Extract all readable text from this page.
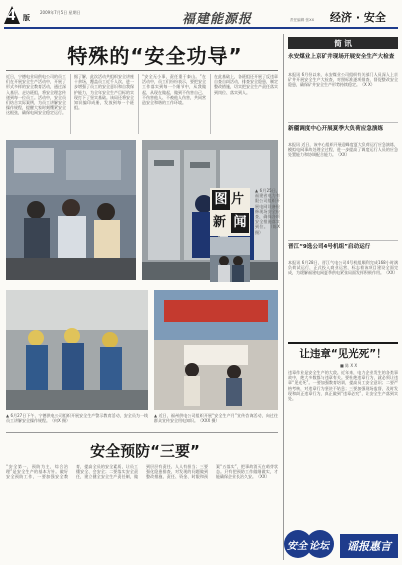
4 版
2009年7月5日 星期日	福建能源报	责任编辑 张XX 经济 · 安全
特殊的“安全功导”
近日，宁德电业局供电公司的员工们在开展安全生产活动中，开展了形式多样的安全教育活动，通过深入基层、走访班组，将安全理念传递到每一位员工。活动中，安全员们结合实际案例，为员工讲解安全操作规程，提醒大家时刻绷紧安全这根弦，确保电网安全稳定运行。
据了解，此次活动共组织安全讲座十余场，覆盖员工近千人次，进一步增强了员工的安全意识和自我保护能力，为全年安全生产目标的实现打下了坚实基础。该局还将安全知识编印成册，发放到每一个班组。
“安全无小事，责任重于泰山。”在活动中，员工们纷纷表示，要把安全工作落实到每一个细节中，从我做起，从现在做起，做到不伤害自己、不伤害他人、不被他人伤害，共同营造安全和谐的工作环境。
在此基础上，各班组还开展了反违章自查自纠活动，排查安全隐患，制定整改措施，切实把安全生产责任落实到岗位、落实到人。
图 片
新 闻
▲ 6月25日，福建省电力有限公司组织开展电网设备检修现场安全检查，确保各项安全措施落实到位。（陈X 摄）
▲ 6月27日下午，宁德供电公司组织开展安全生产警示教育活动，安全员为一线员工讲解安全操作规程。（何X 摄）
▲ 近日，福州供电公司组织开展“安全生产月”宣传咨询活动，向过往群众宣传安全用电知识。（XXX 摄）
安全预防“三要”
“安全第一，预防为主，综合治理”是安全生产的基本方针。做好安全预防工作，一要加强安全教育，提高全员的安全素质，让员工懂安全、会安全；二要落实安全责任，建立健全安全生产责任制，做到层层有责任、人人有担当；三要强化隐患排查，对发现的问题做到整改措施、责任、资金、时限和预案“五落实”，把事故消灭在萌芽状态。只有把预防工作做细做实，才能确保企业长治久安。（XX）
简 讯
永安煤业上京矿井现场开展安全生产大检查
本报讯 6月份以来，永安煤业公司组织有关部门人员深入上京矿井开展安全生产大检查，对照标准逐项排查，督促整改安全隐患，确保矿井安全生产形势持续稳定。（X X）
新疆调度中心开展夏季大负荷应急演练
本报讯 近日，该中心组织开展迎峰度夏大负荷运行应急演练，模拟电网事故处理全过程，进一步提高了调度运行人员的应急处置能力和协调配合能力。（XX）
晋江“9选公司4号机组”启动运行
本报讯 6月28日，晋江气电公司4号机组顺利完成168小时满负荷试运行，正式投入商业运营，标志着该项目建设全面完成，为缓解福建电网夏季供电紧张局面发挥积极作用。（XX）
让违章“见光死”！
■ 陈 X X
违章作业是安全生产的大敌。近年来，电力企业发生的各类事故中，绝大多数都与违章有关。要杜绝违章行为，就必须让违章“见光死”。一要加强教育培训，提高员工安全意识；二要严格考核，对违章行为坚决不姑息；三要加强现场监督，及时发现和纠正违章行为，真正做到“违章必究”，让安全生产落到实处。
安全 论坛	谣报惠言
